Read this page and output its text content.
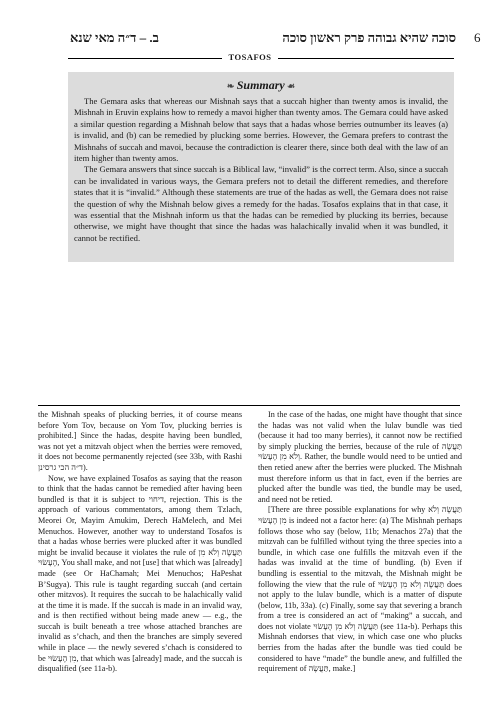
ב. – ד״ה מאי שנא	סוכה שהיא גבוהה פרק ראשון סוכה 6
TOSAFOS
❧ Summary ☙

The Gemara asks that whereas our Mishnah says that a succah higher than twenty amos is invalid, the Mishnah in Eruvin explains how to remedy a mavoi higher than twenty amos. The Gemara could have asked a similar question regarding a Mishnah below that says that a hadas whose berries outnumber its leaves (a) is invalid, and (b) can be remedied by plucking some berries. However, the Gemara prefers to contrast the Mishnahs of succah and mavoi, because the contradiction is clearer there, since both deal with the law of an item higher than twenty amos.

The Gemara answers that since succah is a Biblical law, “invalid” is the correct term. Also, since a succah can be invalidated in various ways, the Gemara prefers not to detail the different remedies, and therefore states that it is “invalid.” Although these statements are true of the hadas as well, the Gemara does not raise the question of why the Mishnah below gives a remedy for the hadas. Tosafos explains that in that case, it was essential that the Mishnah inform us that the hadas can be remedied by plucking its berries, because otherwise, we might have thought that since the hadas was halachically invalid when it was bundled, it cannot be rectified.

the Mishnah speaks of plucking berries, it of course means before Yom Tov, because on Yom Tov, plucking berries is prohibited.] Since the hadas, despite having been bundled, was not yet a mitzvah object when the berries were removed, it does not become permanently rejected (see 33b, with Rashi ד״ה הכי גרסינן).

Now, we have explained Tosafos as saying that the reason to think that the hadas cannot be remedied after having been bundled is that it is subject to דיחוי, rejection. This is the approach of various commentators, among them Tzlach, Meorei Or, Mayim Amukim, Derech HaMelech, and Mei Menuchos. However, another way to understand Tosafos is that a hadas whose berries were plucked after it was bundled might be invalid because it violates the rule of תַּעֲשֶׂה וְלֹא מִן הֶעָשׂוּי, You shall make, and not [use] that which was [already] made (see Or HaChamah; Mei Menuchos; HaPeshat B’Sugya). This rule is taught regarding succah (and certain other mitzvos). It requires the succah to be halachically valid at the time it is made. If the succah is made in an invalid way, and is then rectified without being made anew — e.g., the succah is built beneath a tree whose attached branches are invalid as s’chach, and then the branches are simply severed while in place — the newly severed s’chach is considered to be מִן הֶעָשׂוּי, that which was [already] made, and the succah is disqualified (see 11a-b).

In the case of the hadas, one might have thought that since the hadas was not valid when the lulav bundle was tied (because it had too many berries), it cannot now be rectified by simply plucking the berries, because of the rule of תַּעֲשֶׂה וְלֹא מִן הֶעָשׂוּי. Rather, the bundle would need to be untied and then retied anew after the berries were plucked. The Mishnah must therefore inform us that in fact, even if the berries are plucked after the bundle was tied, the bundle may be used, and need not be retied.

[There are three possible explanations for why תַּעֲשֶׂה וְלֹא מִן הֶעָשׂוּי is indeed not a factor here: (a) The Mishnah perhaps follows those who say (below, 11b; Menachos 27a) that the mitzvah can be fulfilled without tying the three species into a bundle, in which case one fulfills the mitzvah even if the hadas was invalid at the time of bundling. (b) Even if bundling is essential to the mitzvah, the Mishnah might be following the view that the rule of תַּעֲשֶׂה וְלֹא מִן הֶעָשׂוּי does not apply to the lulav bundle, which is a matter of dispute (below, 11b, 33a). (c) Finally, some say that severing a branch from a tree is considered an act of “making” a succah, and does not violate תַּעֲשֶׂה וְלֹא מִן הֶעָשׂוּי (see 11a-b). Perhaps this Mishnah endorses that view, in which case one who plucks berries from the hadas after the bundle was tied could be considered to have “made” the bundle anew, and fulfilled the requirement of תַּעֲשֶׂה, make.]
